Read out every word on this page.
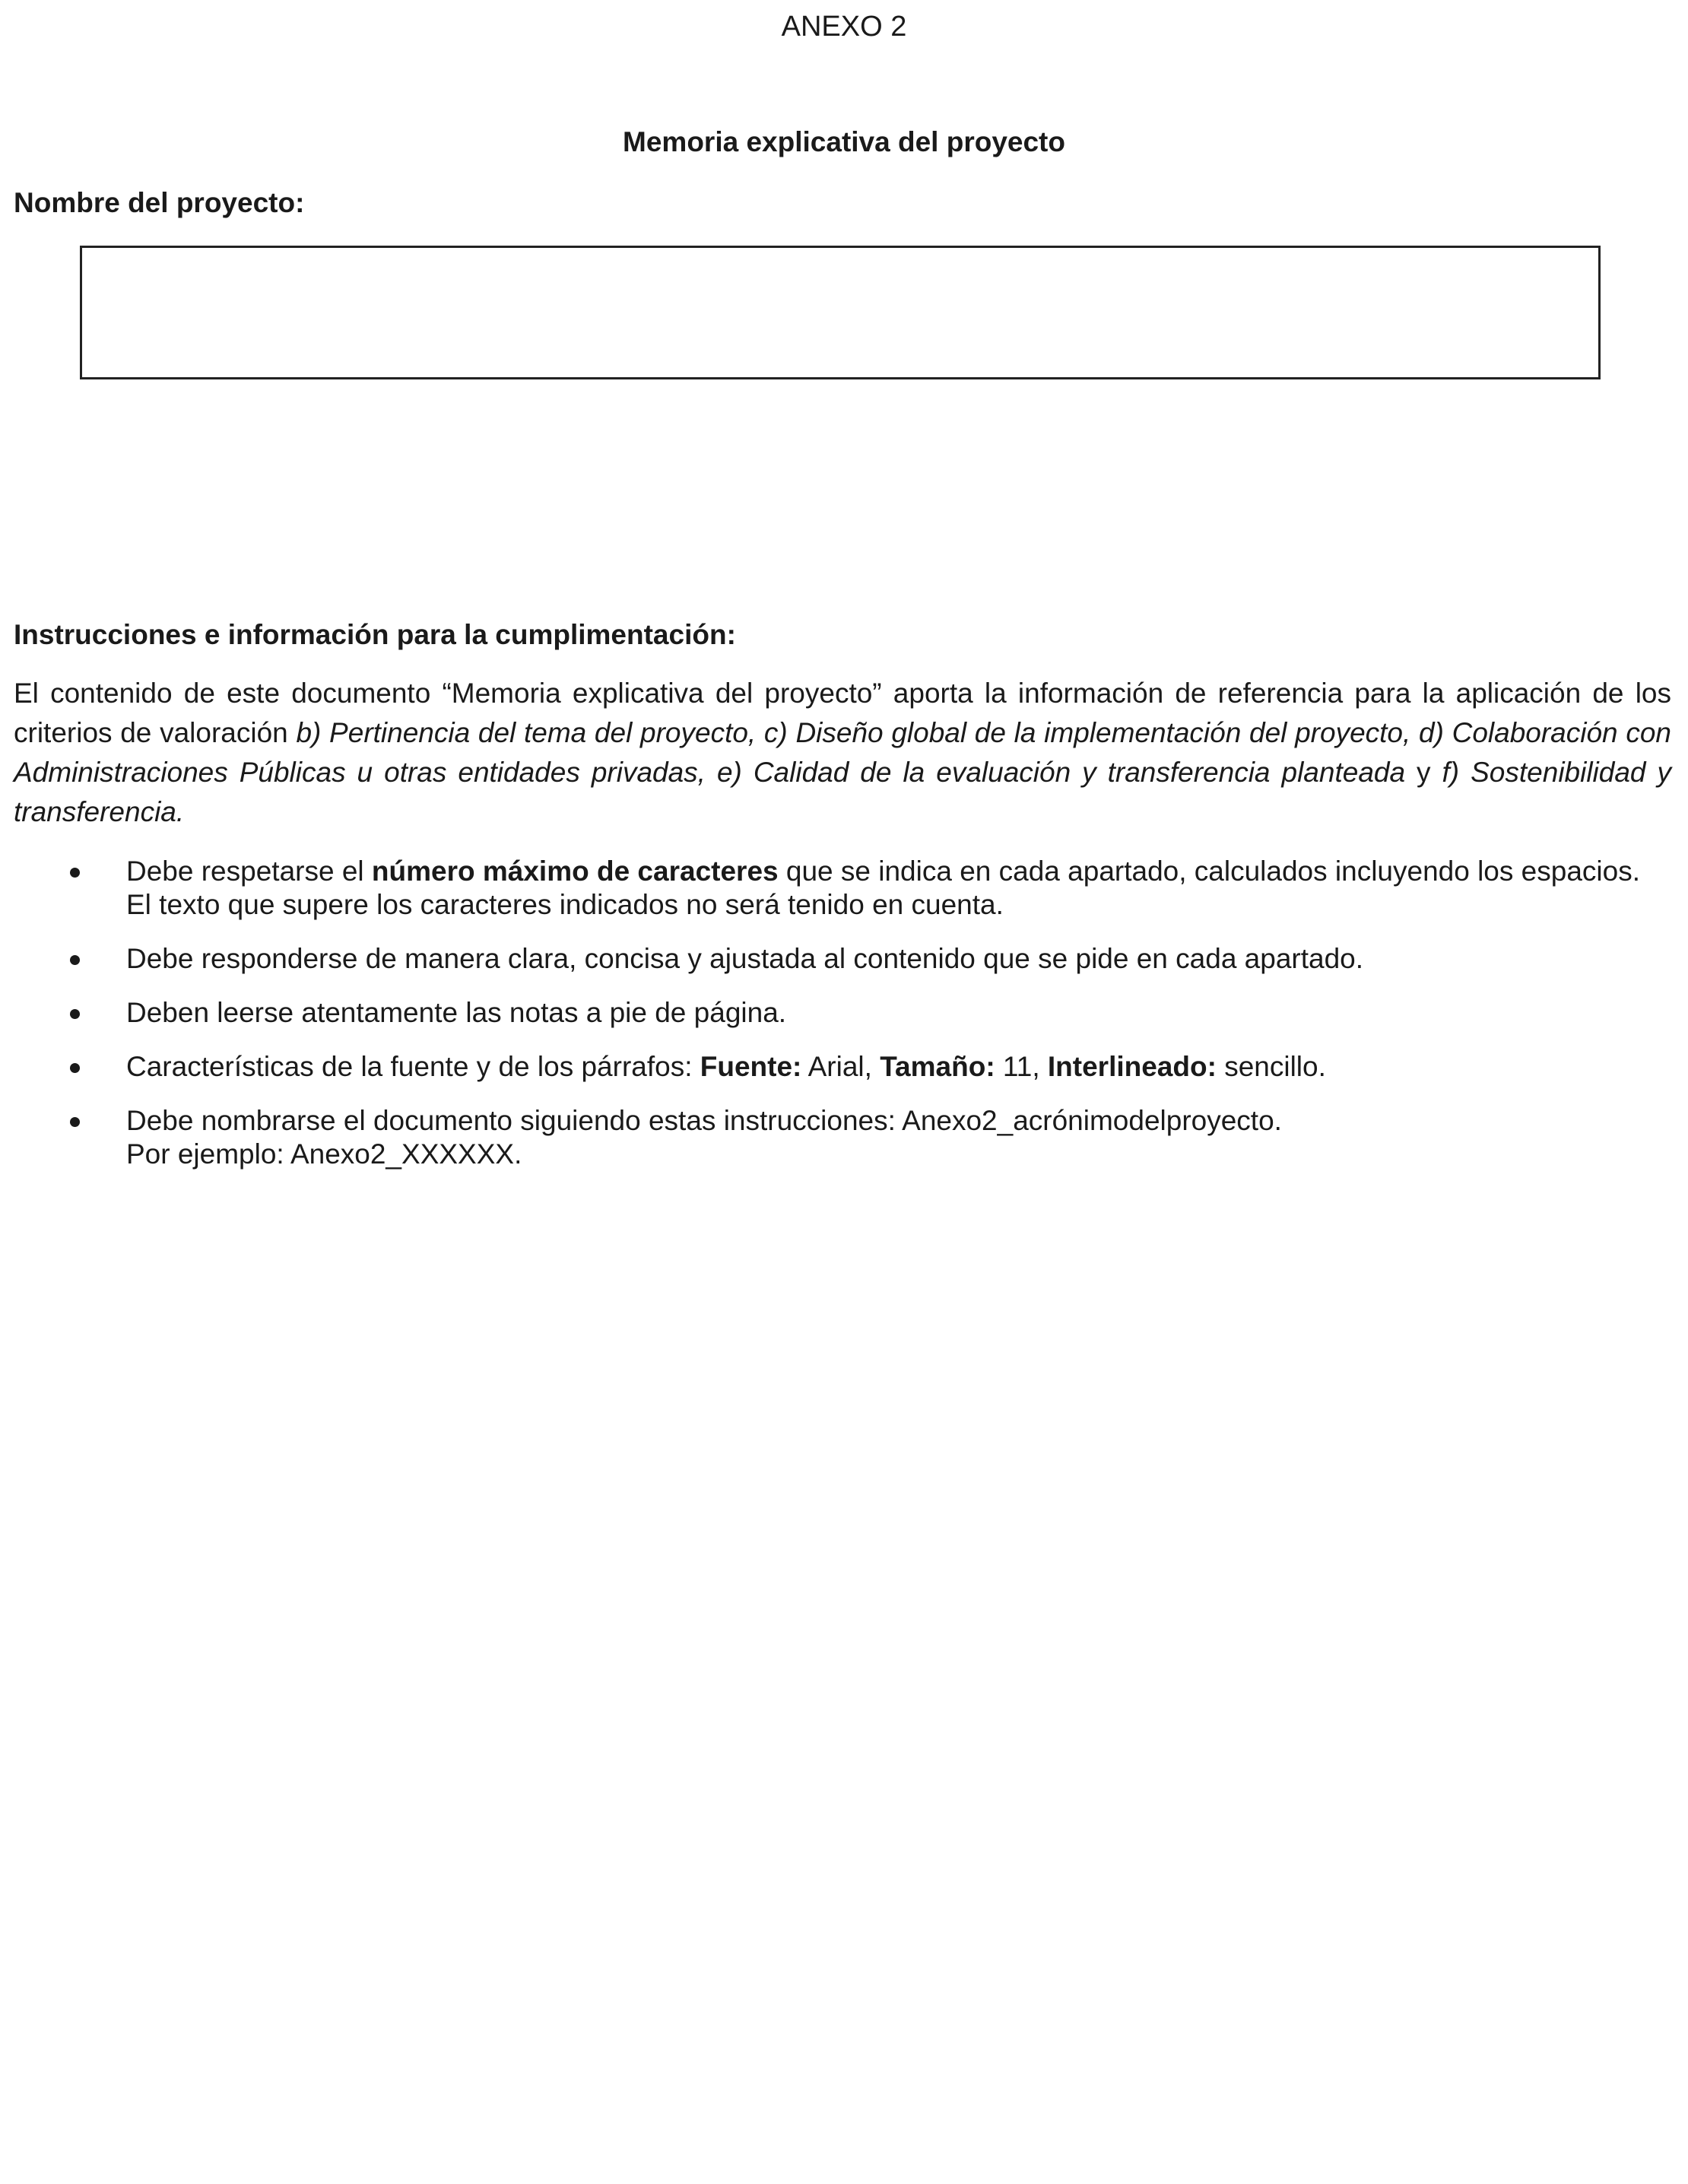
ANEXO 2
Memoria explicativa del proyecto
Nombre del proyecto:
Instrucciones e información para la cumplimentación:

El contenido de este documento “Memoria explicativa del proyecto” aporta la información de referencia para la aplicación de los criterios de valoración b) Pertinencia del tema del proyecto, c) Diseño global de la implementación del proyecto, d) Colaboración con Administraciones Públicas u otras entidades privadas, e) Calidad de la evaluación y transferencia planteada y f) Sostenibilidad y transferencia.

Debe respetarse el número máximo de caracteres que se indica en cada apartado, calculados incluyendo los espacios.
El texto que supere los caracteres indicados no será tenido en cuenta.
Debe responderse de manera clara, concisa y ajustada al contenido que se pide en cada apartado.
Deben leerse atentamente las notas a pie de página.
Características de la fuente y de los párrafos: Fuente: Arial, Tamaño: 11, Interlineado: sencillo.
Debe nombrarse el documento siguiendo estas instrucciones: Anexo2_acrónimodelproyecto.
Por ejemplo: Anexo2_XXXXXX.
